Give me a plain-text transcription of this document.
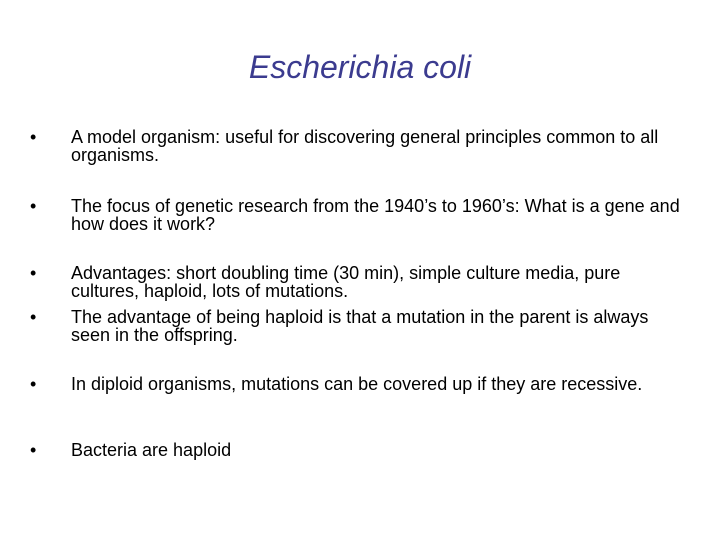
Escherichia coli
•	A model organism: useful for discovering general principles common to all organisms.
•	The focus of genetic research from the 1940’s to 1960’s: What is a gene and how does it work?
•	Advantages: short doubling time (30 min), simple culture media, pure cultures, haploid, lots of mutations.
•	The advantage of being haploid is that a mutation in the parent is always seen in the offspring.
•	In diploid organisms, mutations can be covered up if they are recessive.
•	Bacteria are haploid
